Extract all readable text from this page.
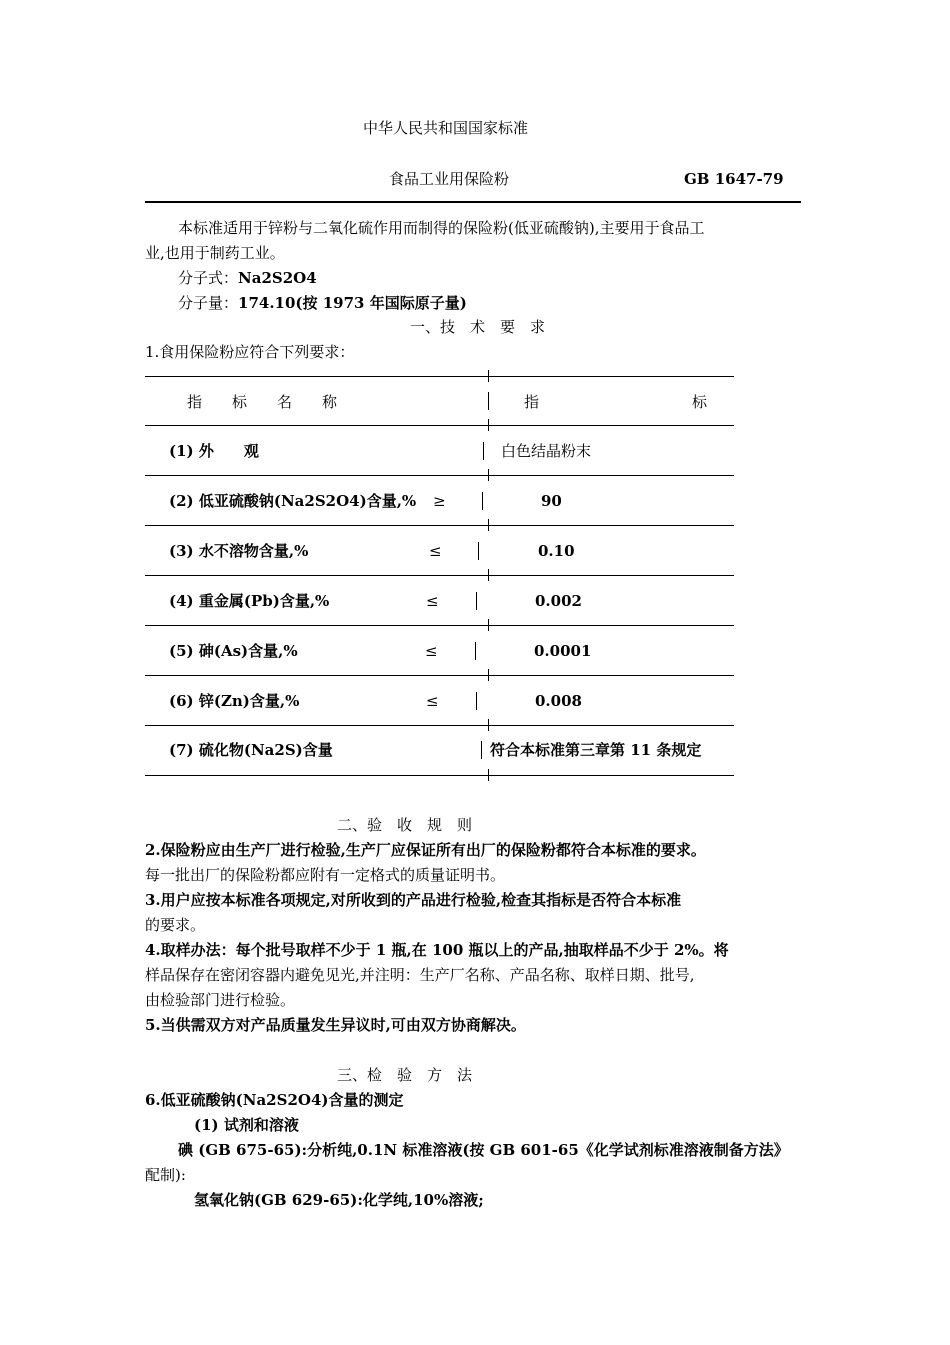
中华人民共和国国家标准
食品工业用保险粉	GB 1647-79
本标准适用于锌粉与二氧化硫作用而制得的保险粉(低亚硫酸钠),主要用于食品工
业,也用于制药工业。
分子式：Na2S2O4
分子量：174.10(按 1973 年国际原子量)
一、技　术　要　求
1.食用保险粉应符合下列要求：
指　　标　　名　　称	指	标
(1) 外　　观	白色结晶粉末
(2) 低亚硫酸钠(Na2S2O4)含量,% ≥	90
(3) 水不溶物含量,%	≤	0.10
(4) 重金属(Pb)含量,%	≤	0.002
(5) 砷(As)含量,%	≤	0.0001
(6) 锌(Zn)含量,%	≤	0.008
(7) 硫化物(Na2S)含量	符合本标准第三章第 11 条规定
二、验　收　规　则
2.保险粉应由生产厂进行检验,生产厂应保证所有出厂的保险粉都符合本标准的要求。
每一批出厂的保险粉都应附有一定格式的质量证明书。
3.用户应按本标准各项规定,对所收到的产品进行检验,检查其指标是否符合本标准
的要求。
4.取样办法：每个批号取样不少于 1 瓶,在 100 瓶以上的产品,抽取样品不少于 2%。将
样品保存在密闭容器内避免见光,并注明：生产厂名称、产品名称、取样日期、批号,
由检验部门进行检验。
5.当供需双方对产品质量发生异议时,可由双方协商解决。
三、检　验　方　法
6.低亚硫酸钠(Na2S2O4)含量的测定
(1) 试剂和溶液
碘 (GB 675-65):分析纯,0.1N 标准溶液(按 GB 601-65《化学试剂标准溶液制备方法》
配制):
氢氧化钠(GB 629-65):化学纯,10%溶液;
